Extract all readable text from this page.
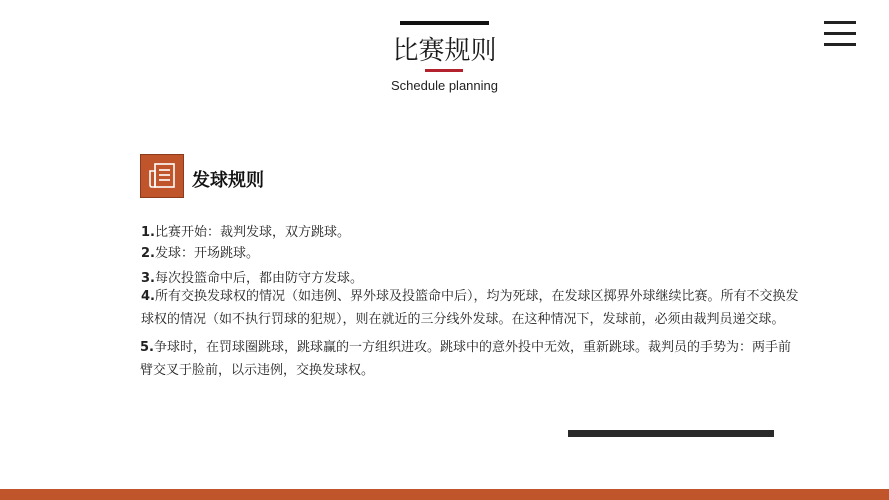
比赛规则
Schedule planning
发球规则
1.比赛开始：裁判发球，双方跳球。
2.发球：开场跳球。
3.每次投篮命中后，都由防守方发球。
4.所有交换发球权的情况（如违例、界外球及投篮命中后），均为死球，在发球区掷界外球继续比赛。所有不交换发球权的情况（如不执行罚球的犯规），则在就近的三分线外发球。在这种情况下，发球前，必须由裁判员递交球。
5.争球时，在罚球圈跳球，跳球赢的一方组织进攻。跳球中的意外投中无效，重新跳球。裁判员的手势为：两手前臂交叉于脸前，以示违例，交换发球权。
